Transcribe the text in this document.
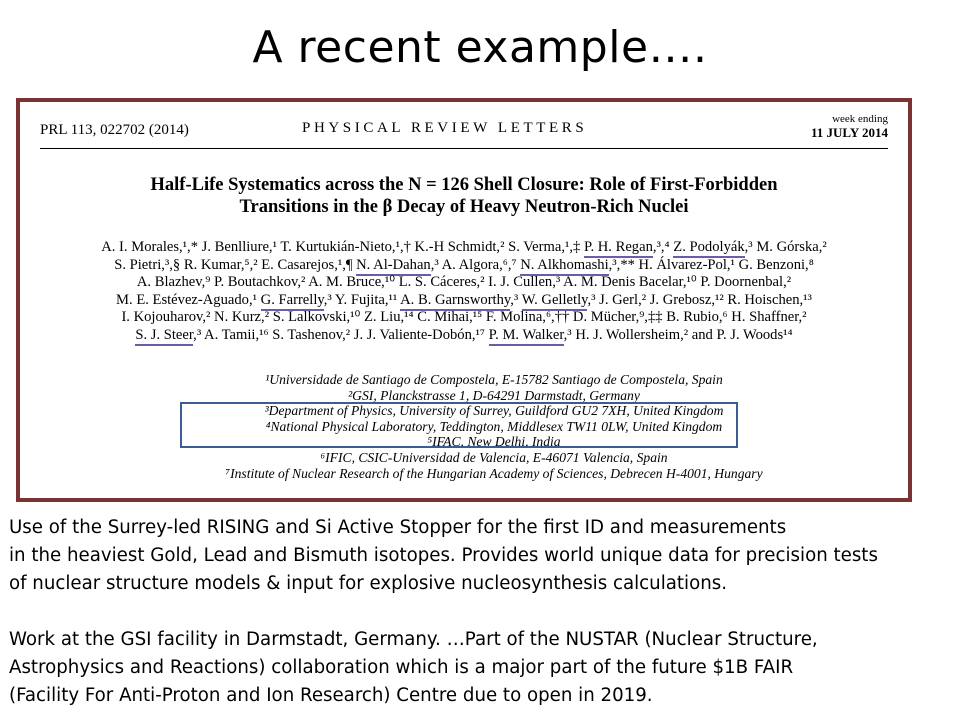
A recent example….
PRL 113, 022702 (2014)	PHYSICAL REVIEW LETTERS
week ending
11 JULY 2014
Half-Life Systematics across the N = 126 Shell Closure: Role of First-Forbidden
Transitions in the β Decay of Heavy Neutron-Rich Nuclei
A. I. Morales,¹,* J. Benlliure,¹ T. Kurtukián-Nieto,¹,† K.-H Schmidt,² S. Verma,¹,‡ P. H. Regan,³,⁴ Z. Podolyák,³ M. Górska,²
S. Pietri,³,§ R. Kumar,⁵,² E. Casarejos,¹,¶ N. Al-Dahan,³ A. Algora,⁶,⁷ N. Alkhomashi,³,** H. Álvarez-Pol,¹ G. Benzoni,⁸
A. Blazhev,⁹ P. Boutachkov,² A. M. Bruce,¹⁰ L. S. Cáceres,² I. J. Cullen,³ A. M. Denis Bacelar,¹⁰ P. Doornenbal,²
M. E. Estévez-Aguado,¹ G. Farrelly,³ Y. Fujita,¹¹ A. B. Garnsworthy,³ W. Gelletly,³ J. Gerl,² J. Grebosz,¹² R. Hoischen,¹³
I. Kojouharov,² N. Kurz,² S. Lalkovski,¹⁰ Z. Liu,¹⁴ C. Mihai,¹⁵ F. Molina,⁶,†† D. Mücher,⁹,‡‡ B. Rubio,⁶ H. Shaffner,²
S. J. Steer,³ A. Tamii,¹⁶ S. Tashenov,² J. J. Valiente-Dobón,¹⁷ P. M. Walker,³ H. J. Wollersheim,² and P. J. Woods¹⁴
¹Universidade de Santiago de Compostela, E-15782 Santiago de Compostela, Spain
²GSI, Planckstrasse 1, D-64291 Darmstadt, Germany
³Department of Physics, University of Surrey, Guildford GU2 7XH, United Kingdom
⁴National Physical Laboratory, Teddington, Middlesex TW11 0LW, United Kingdom
⁵IFAC, New Delhi, India
⁶IFIC, CSIC-Universidad de Valencia, E-46071 Valencia, Spain
⁷Institute of Nuclear Research of the Hungarian Academy of Sciences, Debrecen H-4001, Hungary
Use of the Surrey-led RISING and Si Active Stopper for the first ID and measurements
in the heaviest Gold, Lead and Bismuth isotopes. Provides world unique data for precision tests
of nuclear structure models & input for explosive nucleosynthesis calculations.
Work at the GSI facility in Darmstadt, Germany. …Part of the NUSTAR (Nuclear Structure,
Astrophysics and Reactions) collaboration which is a major part of the future $1B FAIR
(Facility For Anti-Proton and Ion Research) Centre due to open in 2019.
